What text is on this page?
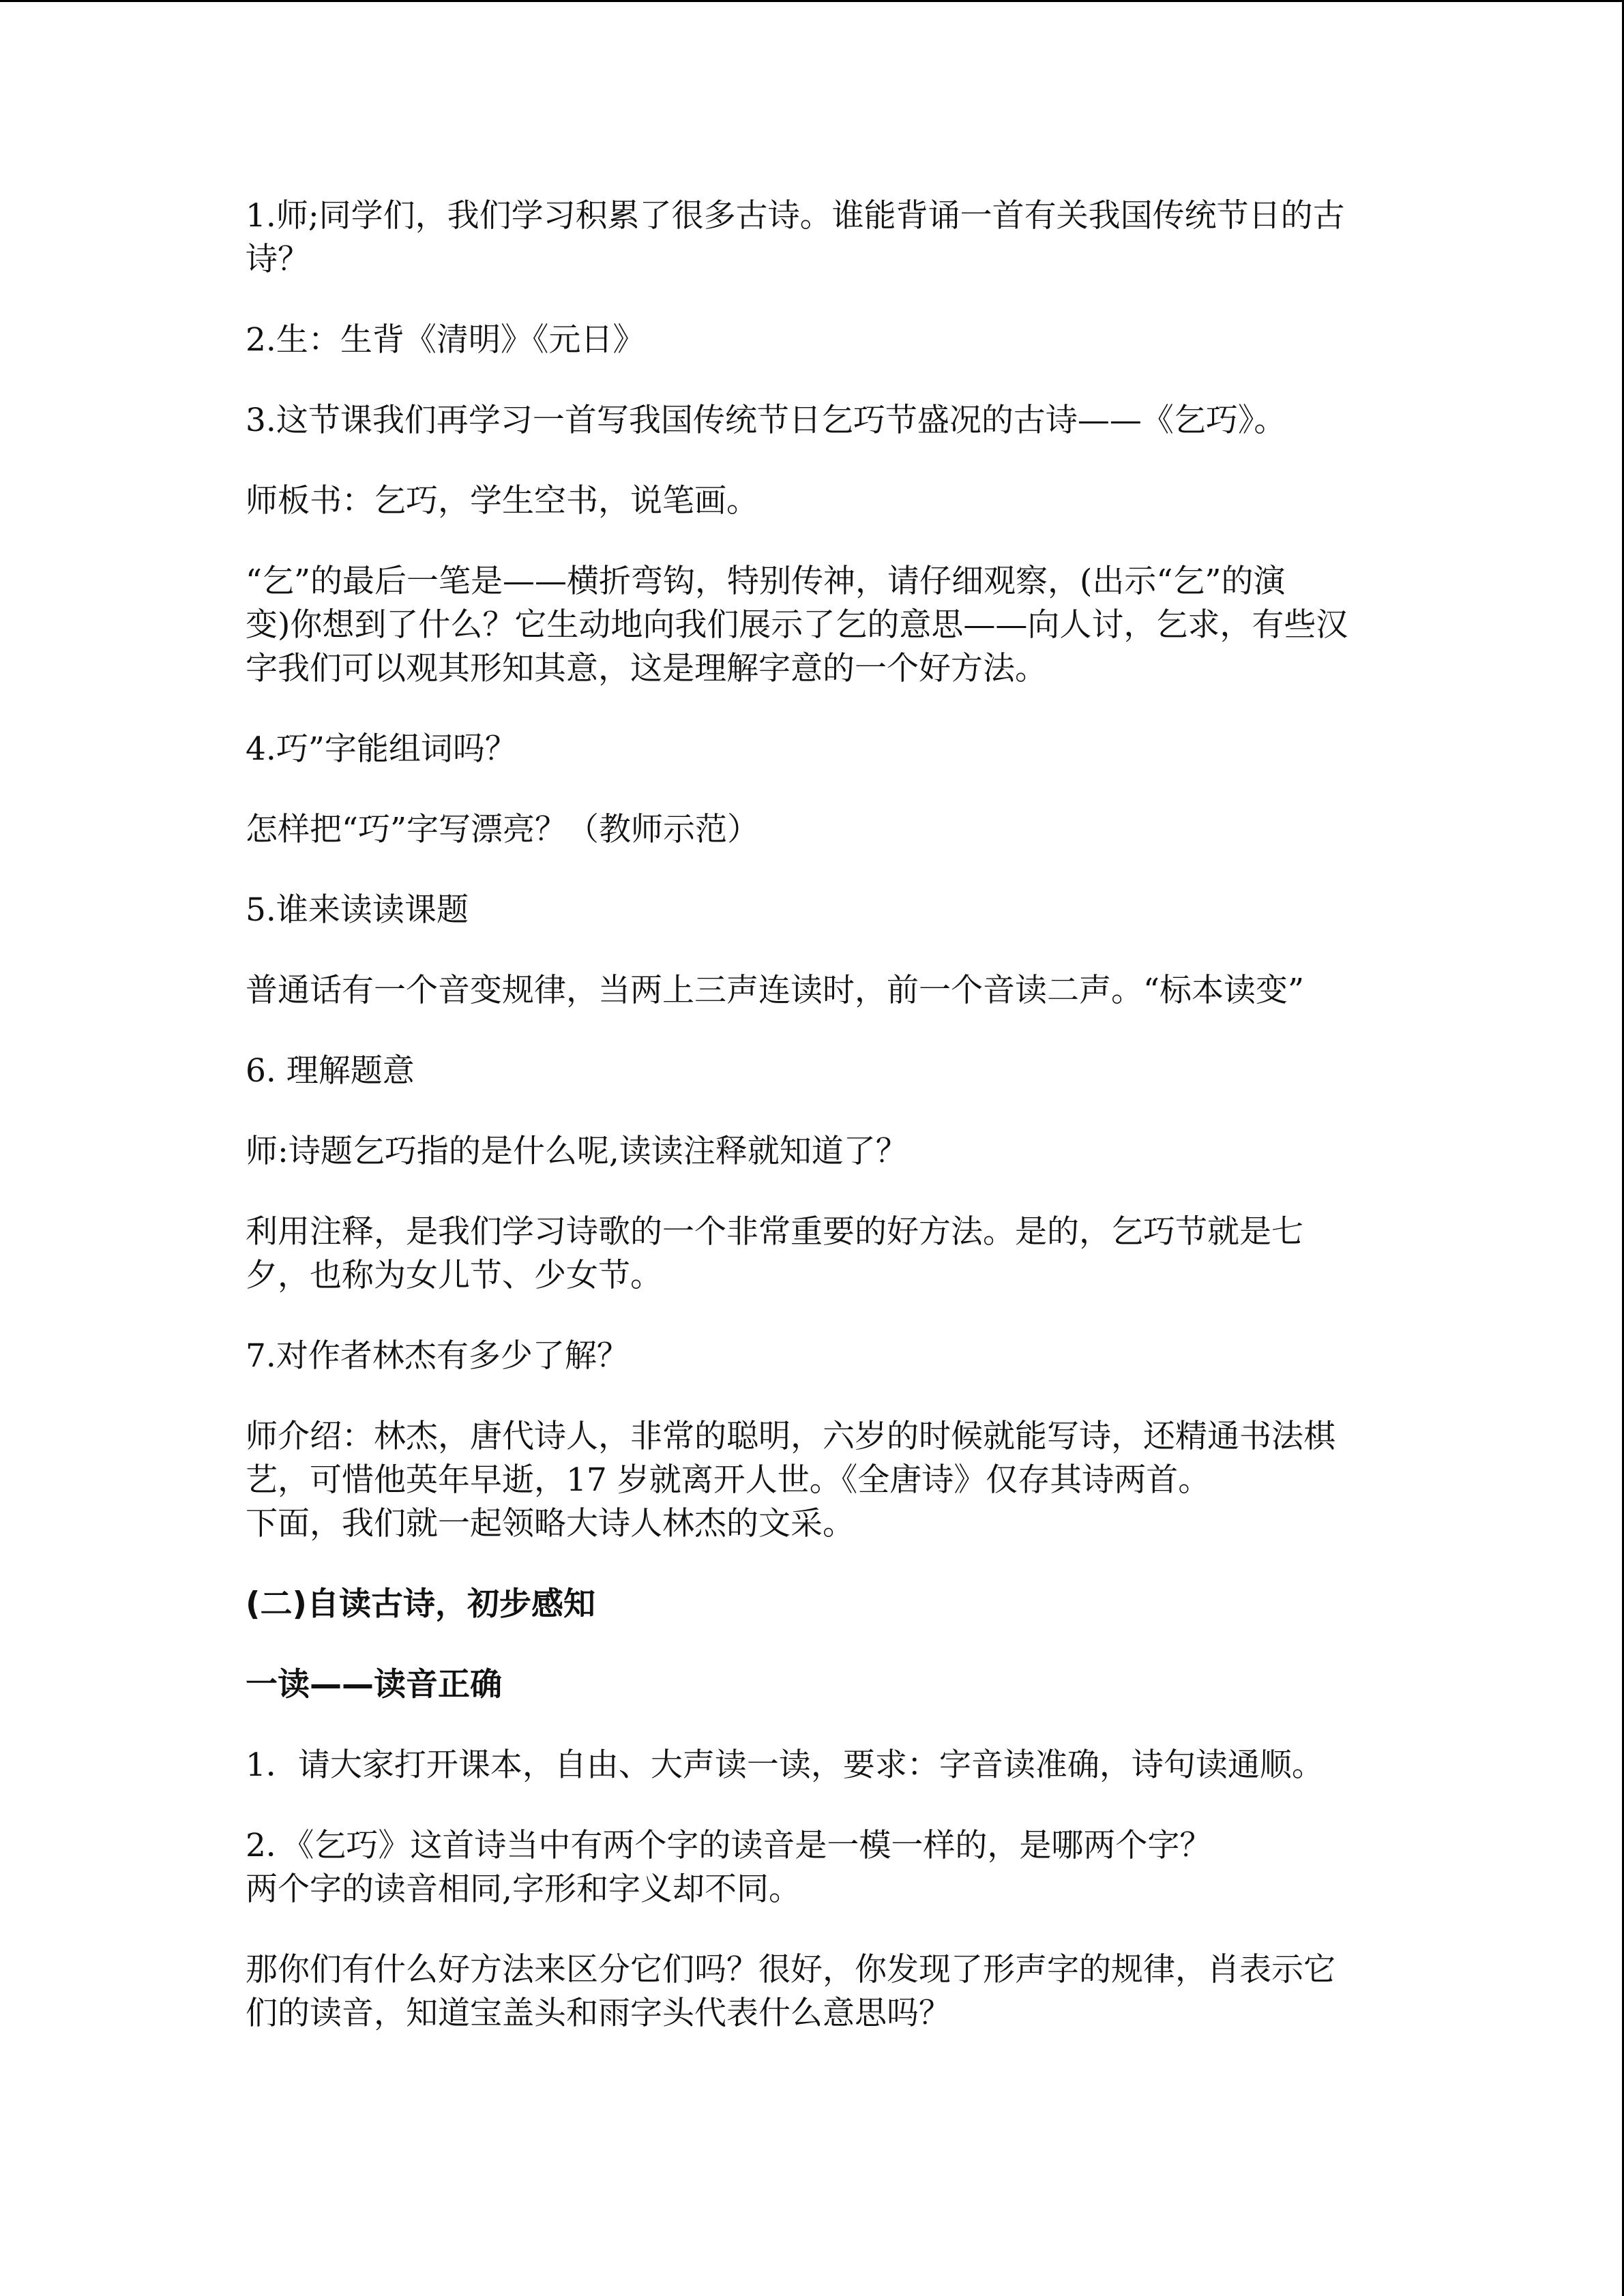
1.师;同学们，我们学习积累了很多古诗。谁能背诵一首有关我国传统节日的古
诗？

2.生：生背《清明》《元日》

3.这节课我们再学习一首写我国传统节日乞巧节盛况的古诗——《乞巧》。

师板书：乞巧，学生空书，说笔画。

“乞”的最后一笔是——横折弯钩，特别传神，请仔细观察，(出示“乞”的演
变)你想到了什么？它生动地向我们展示了乞的意思——向人讨，乞求，有些汉
字我们可以观其形知其意，这是理解字意的一个好方法。

4.巧”字能组词吗？

怎样把“巧”字写漂亮？（教师示范）

5.谁来读读课题

普通话有一个音变规律，当两上三声连读时，前一个音读二声。“标本读变”

6. 理解题意

师:诗题乞巧指的是什么呢,读读注释就知道了？

利用注释，是我们学习诗歌的一个非常重要的好方法。是的，乞巧节就是七
夕，也称为女儿节、少女节。

7.对作者林杰有多少了解？

师介绍：林杰，唐代诗人，非常的聪明，六岁的时候就能写诗，还精通书法棋
艺，可惜他英年早逝，17 岁就离开人世。《全唐诗》仅存其诗两首。
下面，我们就一起领略大诗人林杰的文采。

(二)自读古诗，初步感知

一读——读音正确

1．请大家打开课本，自由、大声读一读，要求：字音读准确，诗句读通顺。

2．《乞巧》这首诗当中有两个字的读音是一模一样的，是哪两个字？
两个字的读音相同,字形和字义却不同。

那你们有什么好方法来区分它们吗？很好，你发现了形声字的规律，肖表示它
们的读音，知道宝盖头和雨字头代表什么意思吗？
